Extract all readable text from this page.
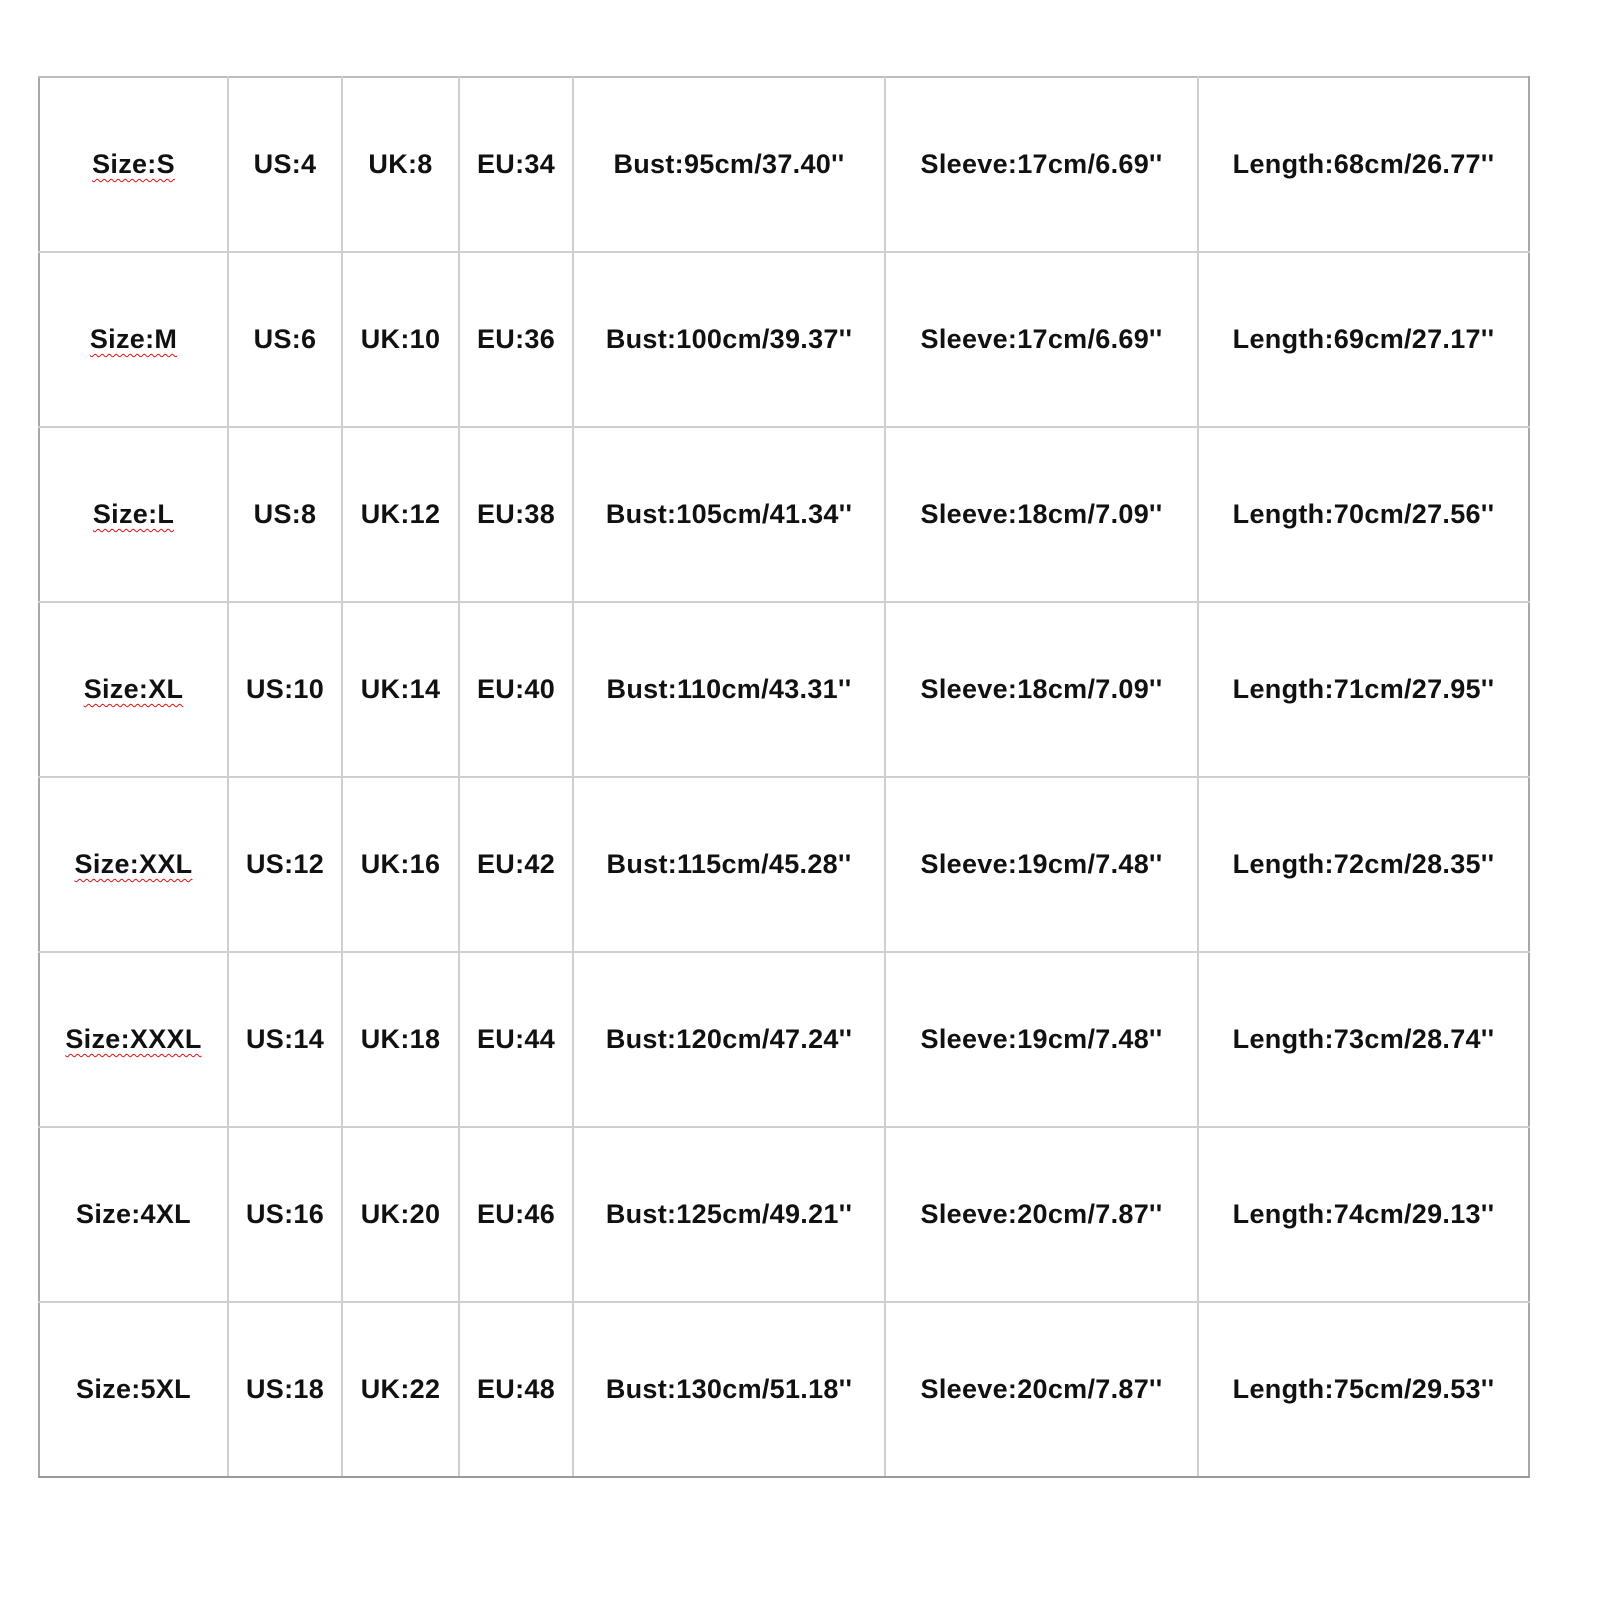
Size:S	US:4	UK:8	EU:34	Bust:95cm/37.40''	Sleeve:17cm/6.69''	Length:68cm/26.77''
Size:M	US:6	UK:10	EU:36	Bust:100cm/39.37''	Sleeve:17cm/6.69''	Length:69cm/27.17''
Size:L	US:8	UK:12	EU:38	Bust:105cm/41.34''	Sleeve:18cm/7.09''	Length:70cm/27.56''
Size:XL	US:10	UK:14	EU:40	Bust:110cm/43.31''	Sleeve:18cm/7.09''	Length:71cm/27.95''
Size:XXL	US:12	UK:16	EU:42	Bust:115cm/45.28''	Sleeve:19cm/7.48''	Length:72cm/28.35''
Size:XXXL	US:14	UK:18	EU:44	Bust:120cm/47.24''	Sleeve:19cm/7.48''	Length:73cm/28.74''
Size:4XL	US:16	UK:20	EU:46	Bust:125cm/49.21''	Sleeve:20cm/7.87''	Length:74cm/29.13''
Size:5XL	US:18	UK:22	EU:48	Bust:130cm/51.18''	Sleeve:20cm/7.87''	Length:75cm/29.53''
